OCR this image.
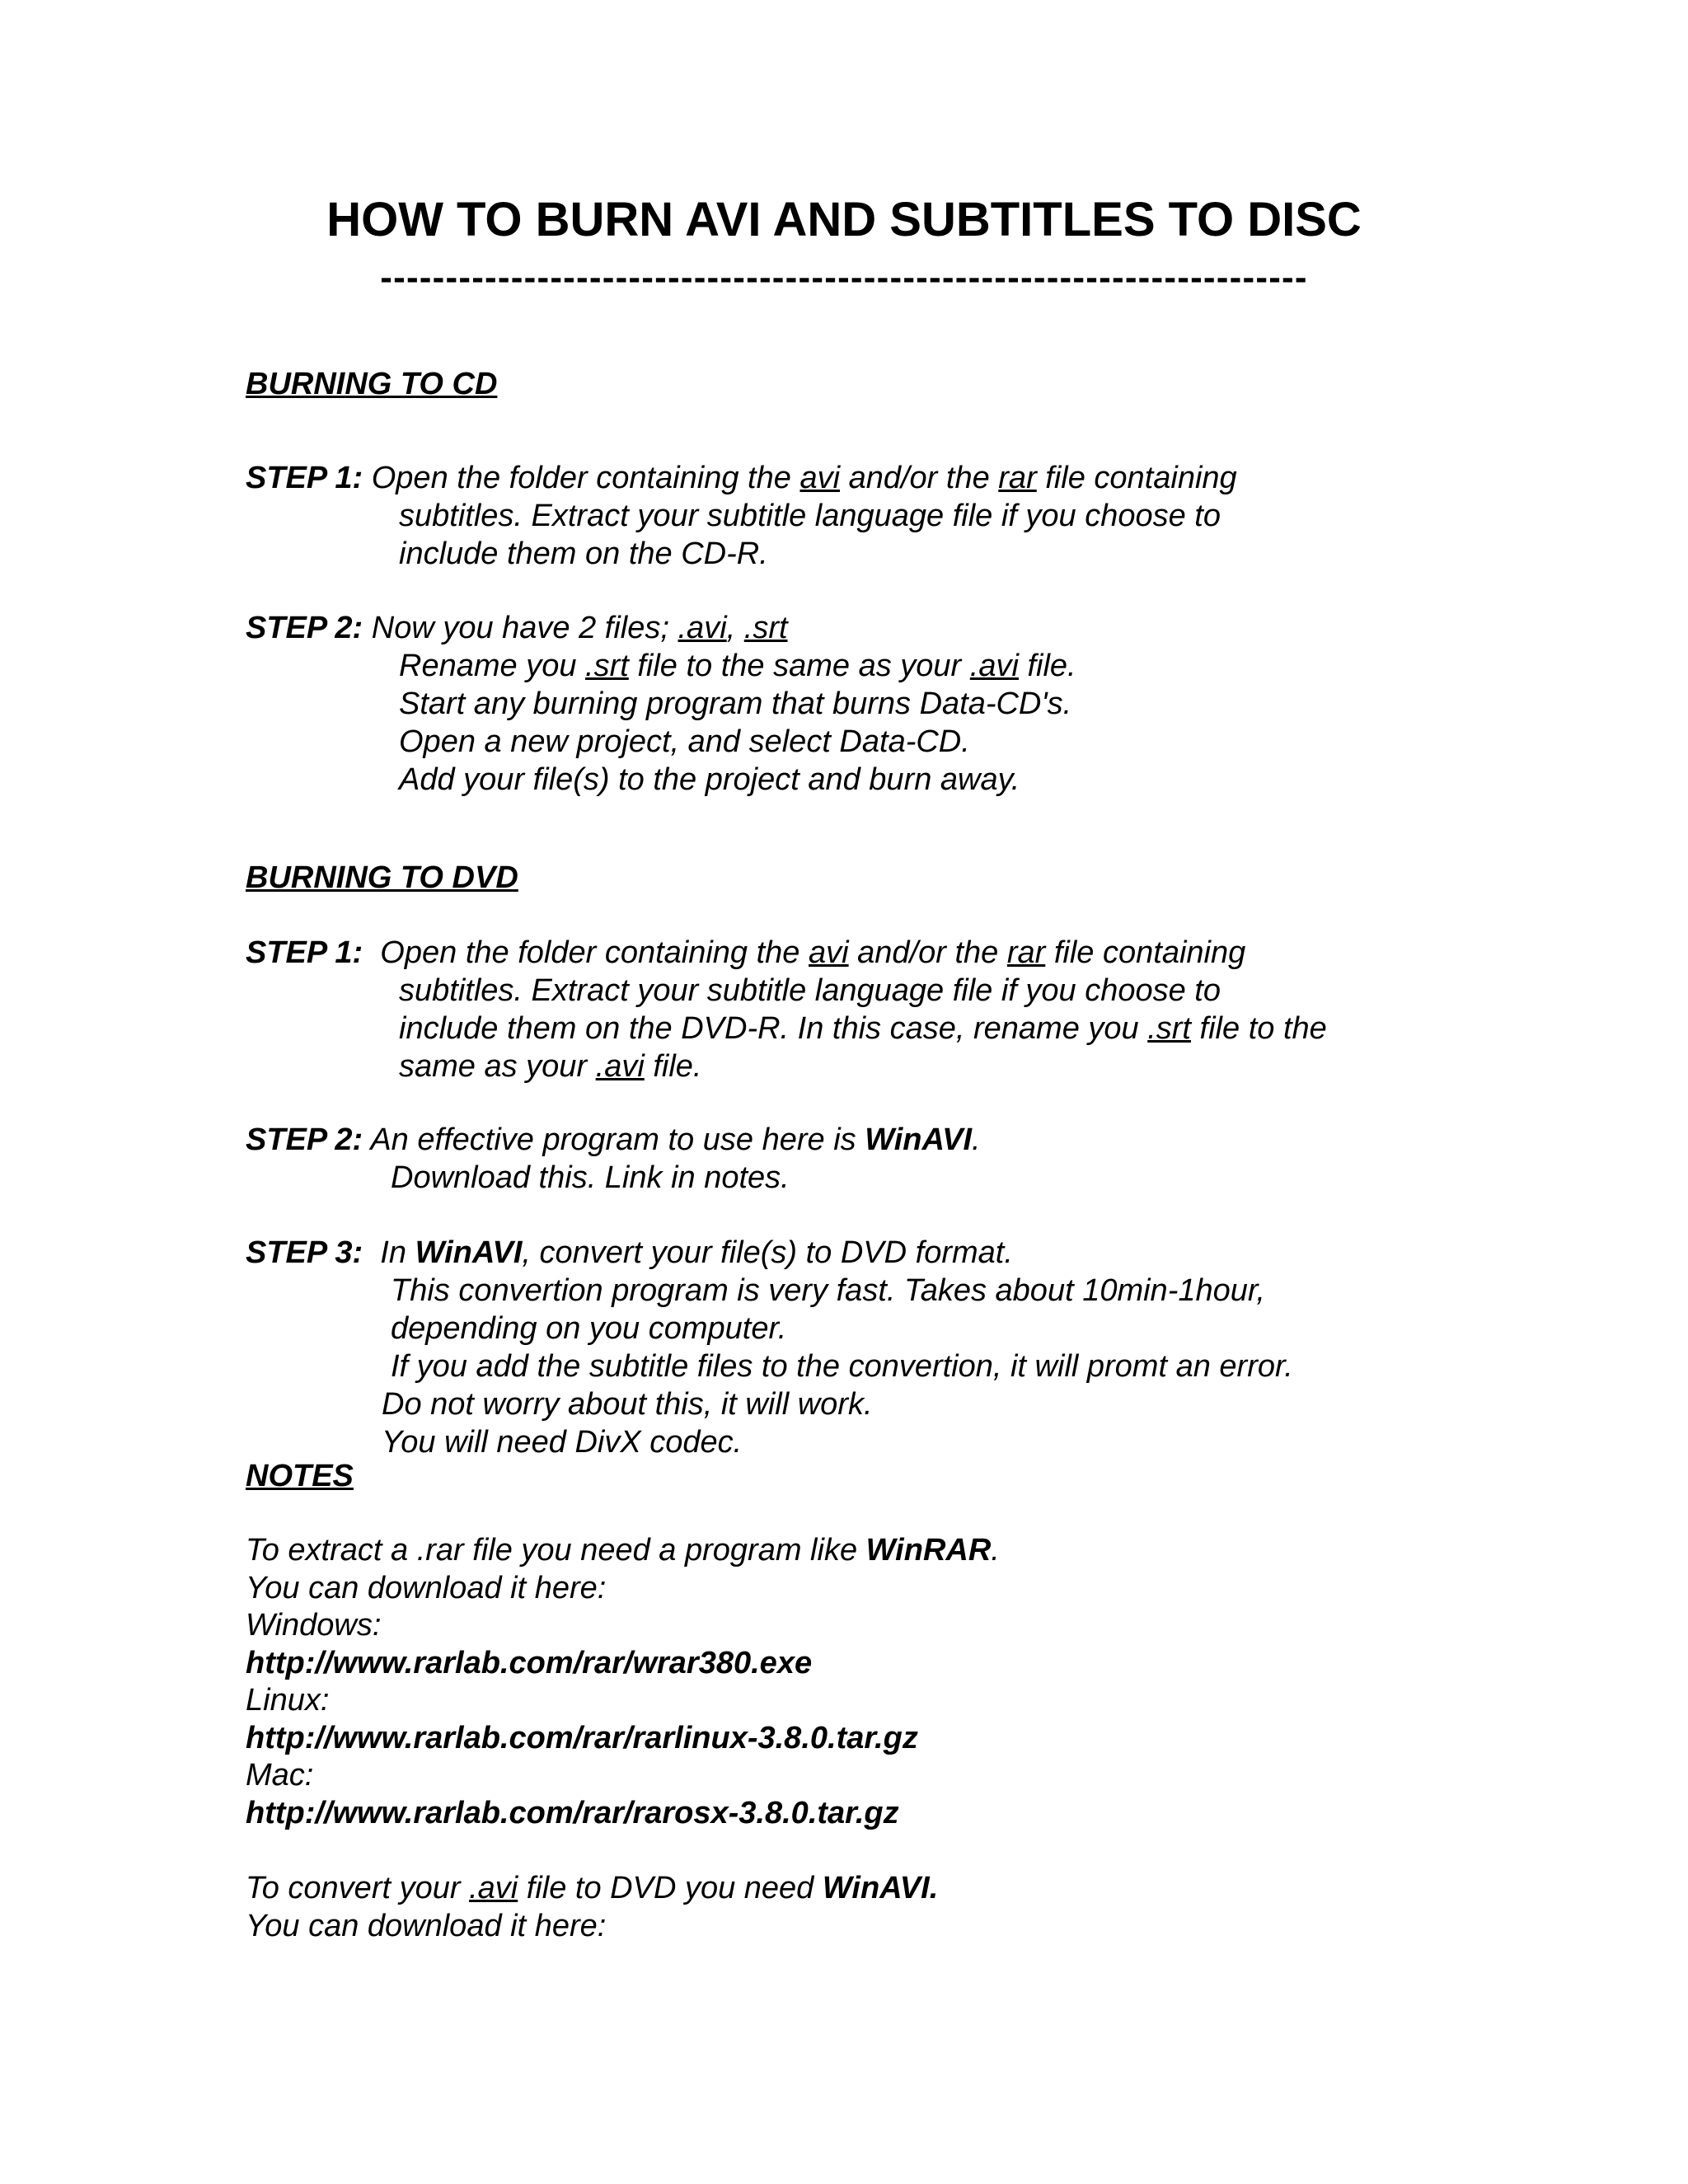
HOW TO BURN AVI AND SUBTITLES TO DISC
-----------------------------------------------------------------------
BURNING TO CD
STEP 1: Open the folder containing the avi and/or the rar file containing
subtitles. Extract your subtitle language file if you choose to
include them on the CD-R.
STEP 2: Now you have 2 files; .avi, .srt
Rename you .srt file to the same as your .avi file.
Start any burning program that burns Data-CD's.
Open a new project, and select Data-CD.
Add your file(s) to the project and burn away.
BURNING TO DVD
STEP 1:  Open the folder containing the avi and/or the rar file containing
subtitles. Extract your subtitle language file if you choose to
include them on the DVD-R. In this case, rename you .srt file to the
same as your .avi file.
STEP 2: An effective program to use here is WinAVI.
Download this. Link in notes.
STEP 3:  In WinAVI, convert your file(s) to DVD format.
This convertion program is very fast. Takes about 10min-1hour,
depending on you computer.
If you add the subtitle files to the convertion, it will promt an error.
Do not worry about this, it will work.
You will need DivX codec.
NOTES
To extract a .rar file you need a program like WinRAR.
You can download it here:
Windows:
http://www.rarlab.com/rar/wrar380.exe
Linux:
http://www.rarlab.com/rar/rarlinux-3.8.0.tar.gz
Mac:
http://www.rarlab.com/rar/rarosx-3.8.0.tar.gz
To convert your .avi file to DVD you need WinAVI.
You can download it here:
